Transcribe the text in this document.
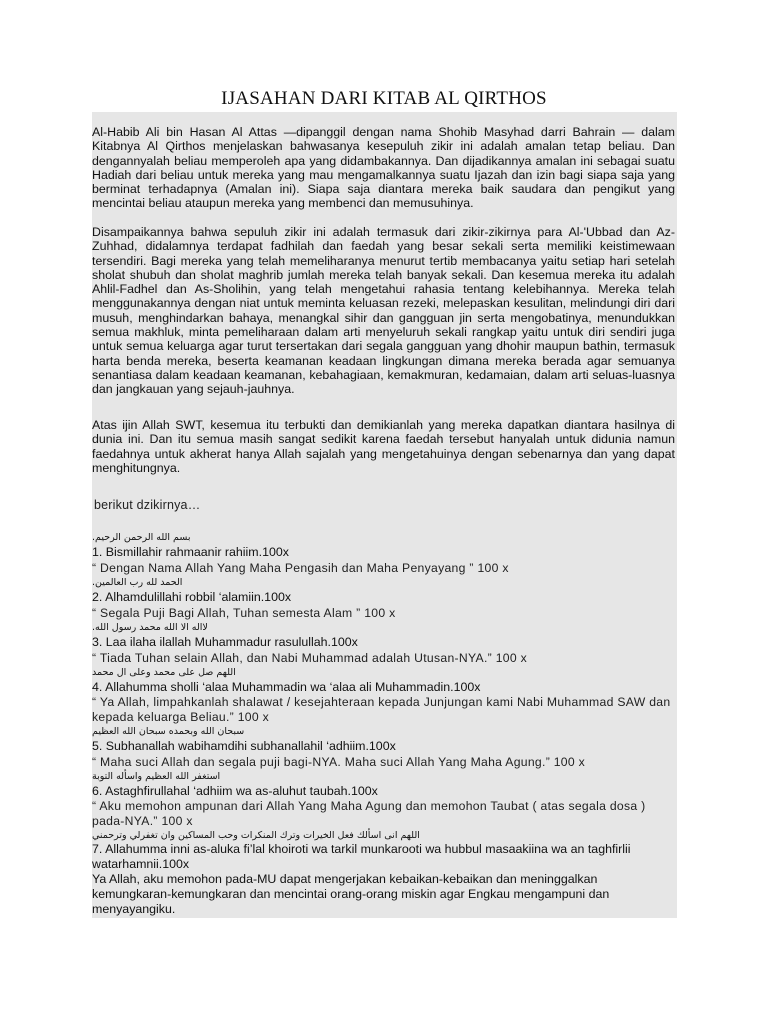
IJASAHAN DARI KITAB AL QIRTHOS
Al-Habib Ali bin Hasan Al Attas —dipanggil dengan nama Shohib Masyhad darri Bahrain — dalam Kitabnya Al Qirthos menjelaskan bahwasanya kesepuluh zikir ini adalah amalan tetap beliau. Dan dengannyalah beliau memperoleh apa yang didambakannya. Dan dijadikannya amalan ini sebagai suatu Hadiah dari beliau untuk mereka yang mau mengamalkannya suatu Ijazah dan izin bagi siapa saja yang berminat terhadapnya (Amalan ini). Siapa saja diantara mereka baik saudara dan pengikut yang mencintai beliau ataupun mereka yang membenci dan memusuhinya.
Disampaikannya bahwa sepuluh zikir ini adalah termasuk dari zikir-zikirnya para Al-'Ubbad dan Az-Zuhhad, didalamnya terdapat fadhilah dan faedah yang besar sekali serta memiliki keistimewaan tersendiri. Bagi mereka yang telah memeliharanya menurut tertib membacanya yaitu setiap hari setelah sholat shubuh dan sholat maghrib jumlah mereka telah banyak sekali. Dan kesemua mereka itu adalah Ahlil-Fadhel dan As-Sholihin, yang telah mengetahui rahasia tentang kelebihannya. Mereka telah menggunakannya dengan niat untuk meminta keluasan rezeki, melepaskan kesulitan, melindungi diri dari musuh, menghindarkan bahaya, menangkal sihir dan gangguan jin serta mengobatinya, menundukkan semua makhluk, minta pemeliharaan dalam arti menyeluruh sekali rangkap yaitu untuk diri sendiri juga untuk semua keluarga agar turut tersertakan dari segala gangguan yang dhohir maupun bathin, termasuk harta benda mereka, beserta keamanan keadaan lingkungan dimana mereka berada agar semuanya senantiasa dalam keadaan keamanan, kebahagiaan, kemakmuran, kedamaian, dalam arti seluas-luasnya dan jangkauan yang sejauh-jauhnya.
Atas ijin Allah SWT, kesemua itu terbukti dan demikianlah yang mereka dapatkan diantara hasilnya di dunia ini. Dan itu semua masih sangat sedikit karena faedah tersebut hanyalah untuk didunia namun faedahnya untuk akherat hanya Allah sajalah yang mengetahuinya dengan sebenarnya dan yang dapat menghitungnya.
berikut dzikirnya…
بسم الله الرحمن الرحيم.
1. Bismillahir rahmaanir rahiim.100x
“ Dengan Nama Allah Yang Maha Pengasih dan Maha Penyayang ” 100 x
الحمد لله رب العالمين.
2. Alhamdulillahi robbil ‘alamiin.100x
“ Segala Puji Bagi Allah, Tuhan semesta Alam ” 100 x
لااله الا الله محمد رسول الله.
3. Laa ilaha ilallah Muhammadur rasulullah.100x
“ Tiada Tuhan selain Allah, dan Nabi Muhammad adalah Utusan-NYA.” 100 x
اللهم صل على محمد وعلى ال محمد
4. Allahumma sholli ‘alaa Muhammadin wa ‘alaa ali Muhammadin.100x
“ Ya Allah, limpahkanlah shalawat / kesejahteraan kepada Junjungan kami Nabi Muhammad SAW dan kepada keluarga Beliau.” 100 x
سبحان الله وبحمده سبحان الله العظيم
5. Subhanallah wabihamdihi subhanallahil ‘adhiim.100x
“ Maha suci Allah dan segala puji bagi-NYA. Maha suci Allah Yang Maha Agung.” 100 x
استغفر الله العظيم واسأله التوبة
6. Astaghfirullahal ‘adhiim wa as-aluhut taubah.100x
“ Aku memohon ampunan dari Allah Yang Maha Agung dan memohon Taubat ( atas segala dosa ) pada-NYA.” 100 x
اللهم انى اسألك فعل الخيرات وترك المنكرات وحب المساكين وان تغفرلي وترحمني
7. Allahumma inni as-aluka fi’lal khoiroti wa tarkil munkarooti wa hubbul masaakiina wa an taghfirlii watarhamnii.100x
Ya Allah, aku memohon pada-MU dapat mengerjakan kebaikan-kebaikan dan meninggalkan kemungkaran-kemungkaran dan mencintai orang-orang miskin agar Engkau mengampuni dan menyayangiku.
